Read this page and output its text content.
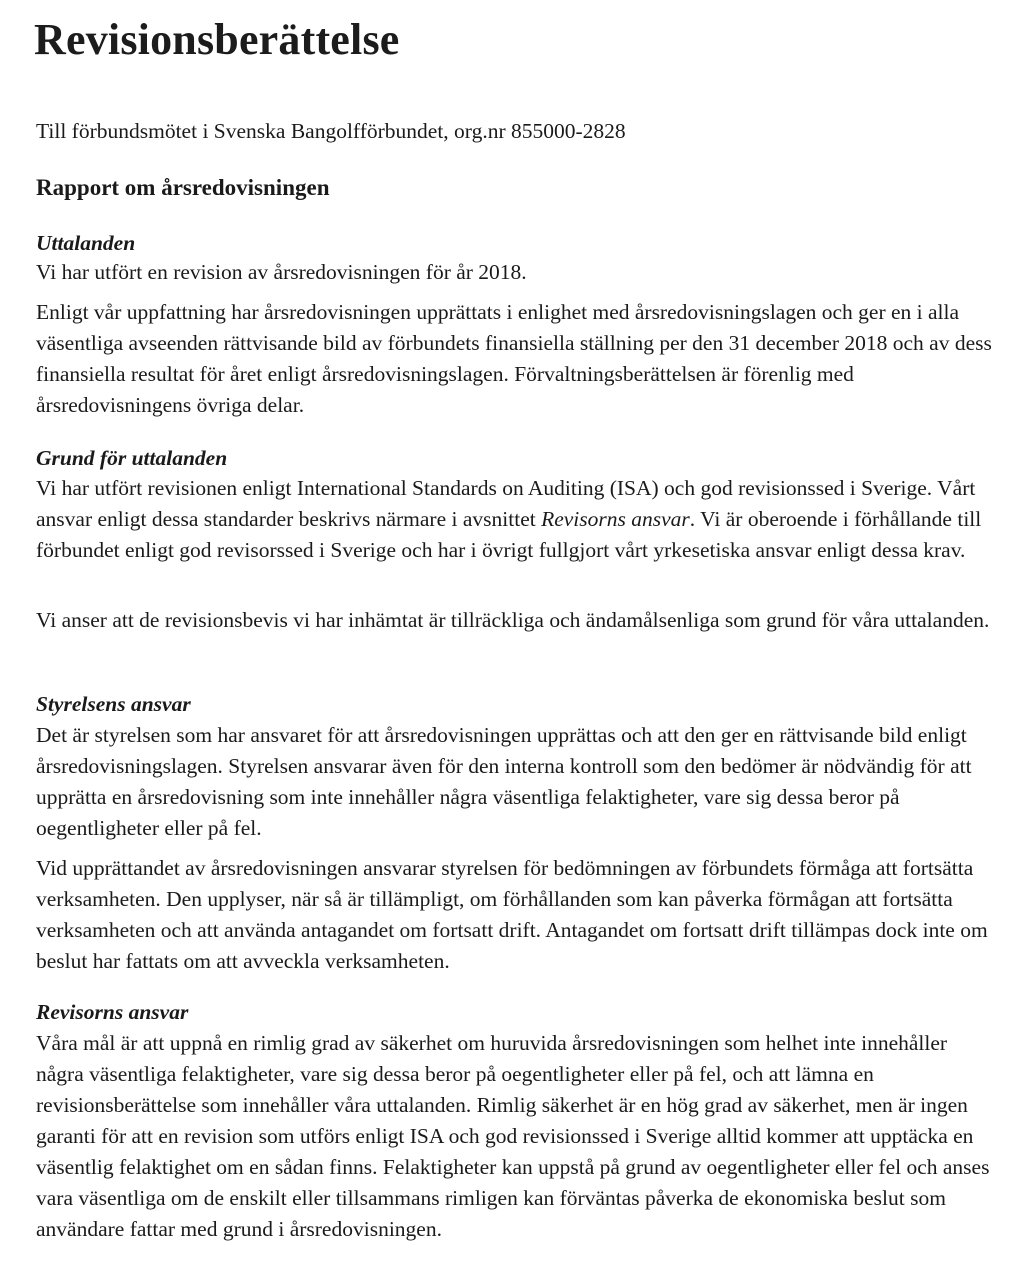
Revisionsberättelse

Till förbundsmötet i Svenska Bangolfförbundet, org.nr 855000-2828

Rapport om årsredovisningen
Uttalanden

Vi har utfört en revision av årsredovisningen för år 2018.

Enligt vår uppfattning har årsredovisningen upprättats i enlighet med årsredovisningslagen och ger en i alla väsentliga avseenden rättvisande bild av förbundets finansiella ställning per den 31 december 2018 och av dess finansiella resultat för året enligt årsredovisningslagen. Förvaltningsberättelsen är förenlig med årsredovisningens övriga delar.

Grund för uttalanden

Vi har utfört revisionen enligt International Standards on Auditing (ISA) och god revisionssed i Sverige. Vårt ansvar enligt dessa standarder beskrivs närmare i avsnittet Revisorns ansvar. Vi är oberoende i förhållande till förbundet enligt god revisorssed i Sverige och har i övrigt fullgjort vårt yrkesetiska ansvar enligt dessa krav.

Vi anser att de revisionsbevis vi har inhämtat är tillräckliga och ändamålsenliga som grund för våra uttalanden.

Styrelsens ansvar

Det är styrelsen som har ansvaret för att årsredovisningen upprättas och att den ger en rättvisande bild enligt årsredovisningslagen. Styrelsen ansvarar även för den interna kontroll som den bedömer är nödvändig för att upprätta en årsredovisning som inte innehåller några väsentliga felaktigheter, vare sig dessa beror på oegentligheter eller på fel.

Vid upprättandet av årsredovisningen ansvarar styrelsen för bedömningen av förbundets förmåga att fortsätta verksamheten. Den upplyser, när så är tillämpligt, om förhållanden som kan påverka förmågan att fortsätta verksamheten och att använda antagandet om fortsatt drift. Antagandet om fortsatt drift tillämpas dock inte om beslut har fattats om att avveckla verksamheten.

Revisorns ansvar

Våra mål är att uppnå en rimlig grad av säkerhet om huruvida årsredovisningen som helhet inte innehåller några väsentliga felaktigheter, vare sig dessa beror på oegentligheter eller på fel, och att lämna en revisionsberättelse som innehåller våra uttalanden. Rimlig säkerhet är en hög grad av säkerhet, men är ingen garanti för att en revision som utförs enligt ISA och god revisionssed i Sverige alltid kommer att upptäcka en väsentlig felaktighet om en sådan finns. Felaktigheter kan uppstå på grund av oegentligheter eller fel och anses vara väsentliga om de enskilt eller tillsammans rimligen kan förväntas påverka de ekonomiska beslut som användare fattar med grund i årsredovisningen.
